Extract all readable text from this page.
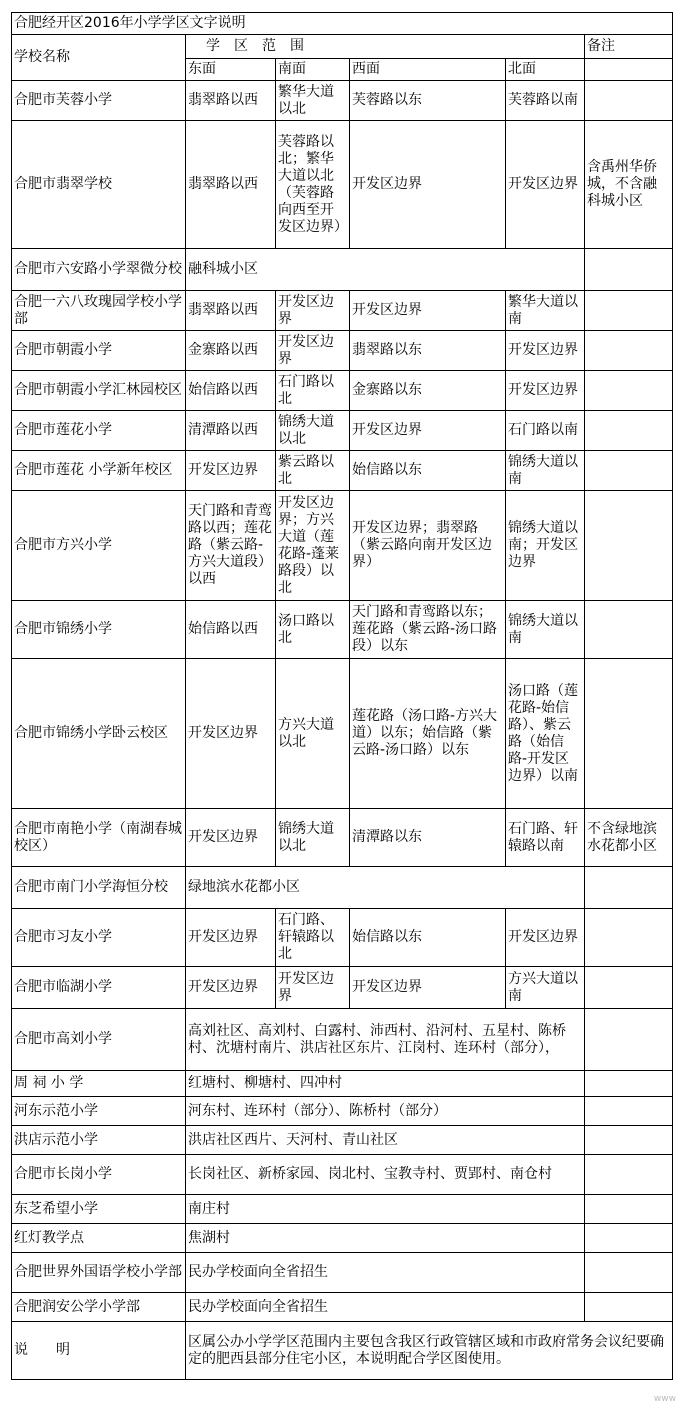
合肥经开区2016年小学学区文字说明					
学校名称	学　区　范　围				备注
	东面	南面	西面	北面	
合肥市芙蓉小学	翡翠路以西	繁华大道以北	芙蓉路以东	芙蓉路以南	
合肥市翡翠学校	翡翠路以西	芙蓉路以北；繁华大道以北（芙蓉路向西至开发区边界）	开发区边界	开发区边界	含禹州华侨城，不含融科城小区
合肥市六安路小学翠微分校	融科城小区				
合肥一六八玫瑰园学校小学部	翡翠路以西	开发区边界	开发区边界	繁华大道以南	
合肥市朝霞小学	金寨路以西	开发区边界	翡翠路以东	开发区边界	
合肥市朝霞小学汇林园校区	始信路以西	石门路以北	金寨路以东	开发区边界	
合肥市莲花小学	清潭路以西	锦绣大道以北	开发区边界	石门路以南	
合肥市莲花 小学新年校区	开发区边界	紫云路以北	始信路以东	锦绣大道以南	
合肥市方兴小学	天门路和青鸾路以西；莲花路（紫云路-方兴大道段）以西	开发区边界；方兴大道（莲花路-蓬莱路段）以北	开发区边界；翡翠路（紫云路向南开发区边界）	锦绣大道以南；开发区边界	
合肥市锦绣小学	始信路以西	汤口路以北	天门路和青鸾路以东；莲花路（紫云路-汤口路段）以东	锦绣大道以南	
合肥市锦绣小学卧云校区	开发区边界	方兴大道以北	莲花路（汤口路-方兴大道）以东；始信路（紫云路-汤口路）以东	汤口路（莲花路-始信路）、紫云路（始信路-开发区边界）以南	
合肥市南艳小学（南湖春城校区）	开发区边界	锦绣大道以北	清潭路以东	石门路、轩辕路以南	不含绿地滨水花都小区
合肥市南门小学海恒分校	绿地滨水花都小区				
合肥市习友小学	开发区边界	石门路、轩辕路以北	始信路以东	开发区边界	
合肥市临湖小学	开发区边界	开发区边界	开发区边界	方兴大道以南	
合肥市高刘小学	高刘社区、高刘村、白露村、沛西村、沿河村、五星村、陈桥村、沈塘村南片、洪店社区东片、江岗村、连环村（部分），				
周 祠 小 学	红塘村、柳塘村、四冲村				
河东示范小学	河东村、连环村（部分）、陈桥村（部分）				
洪店示范小学	洪店社区西片、天河村、青山社区				
合肥市长岗小学	长岗社区、新桥家园、岗北村、宝教寺村、贾郢村、南仓村				
东芝希望小学	南庄村				
红灯教学点	焦湖村				
合肥世界外国语学校小学部	民办学校面向全省招生				
合肥润安公学小学部	民办学校面向全省招生				
说　　明	区属公办小学学区范围内主要包含我区行政管辖区域和市政府常务会议纪要确定的肥西县部分住宅小区，本说明配合学区图使用。				
www
